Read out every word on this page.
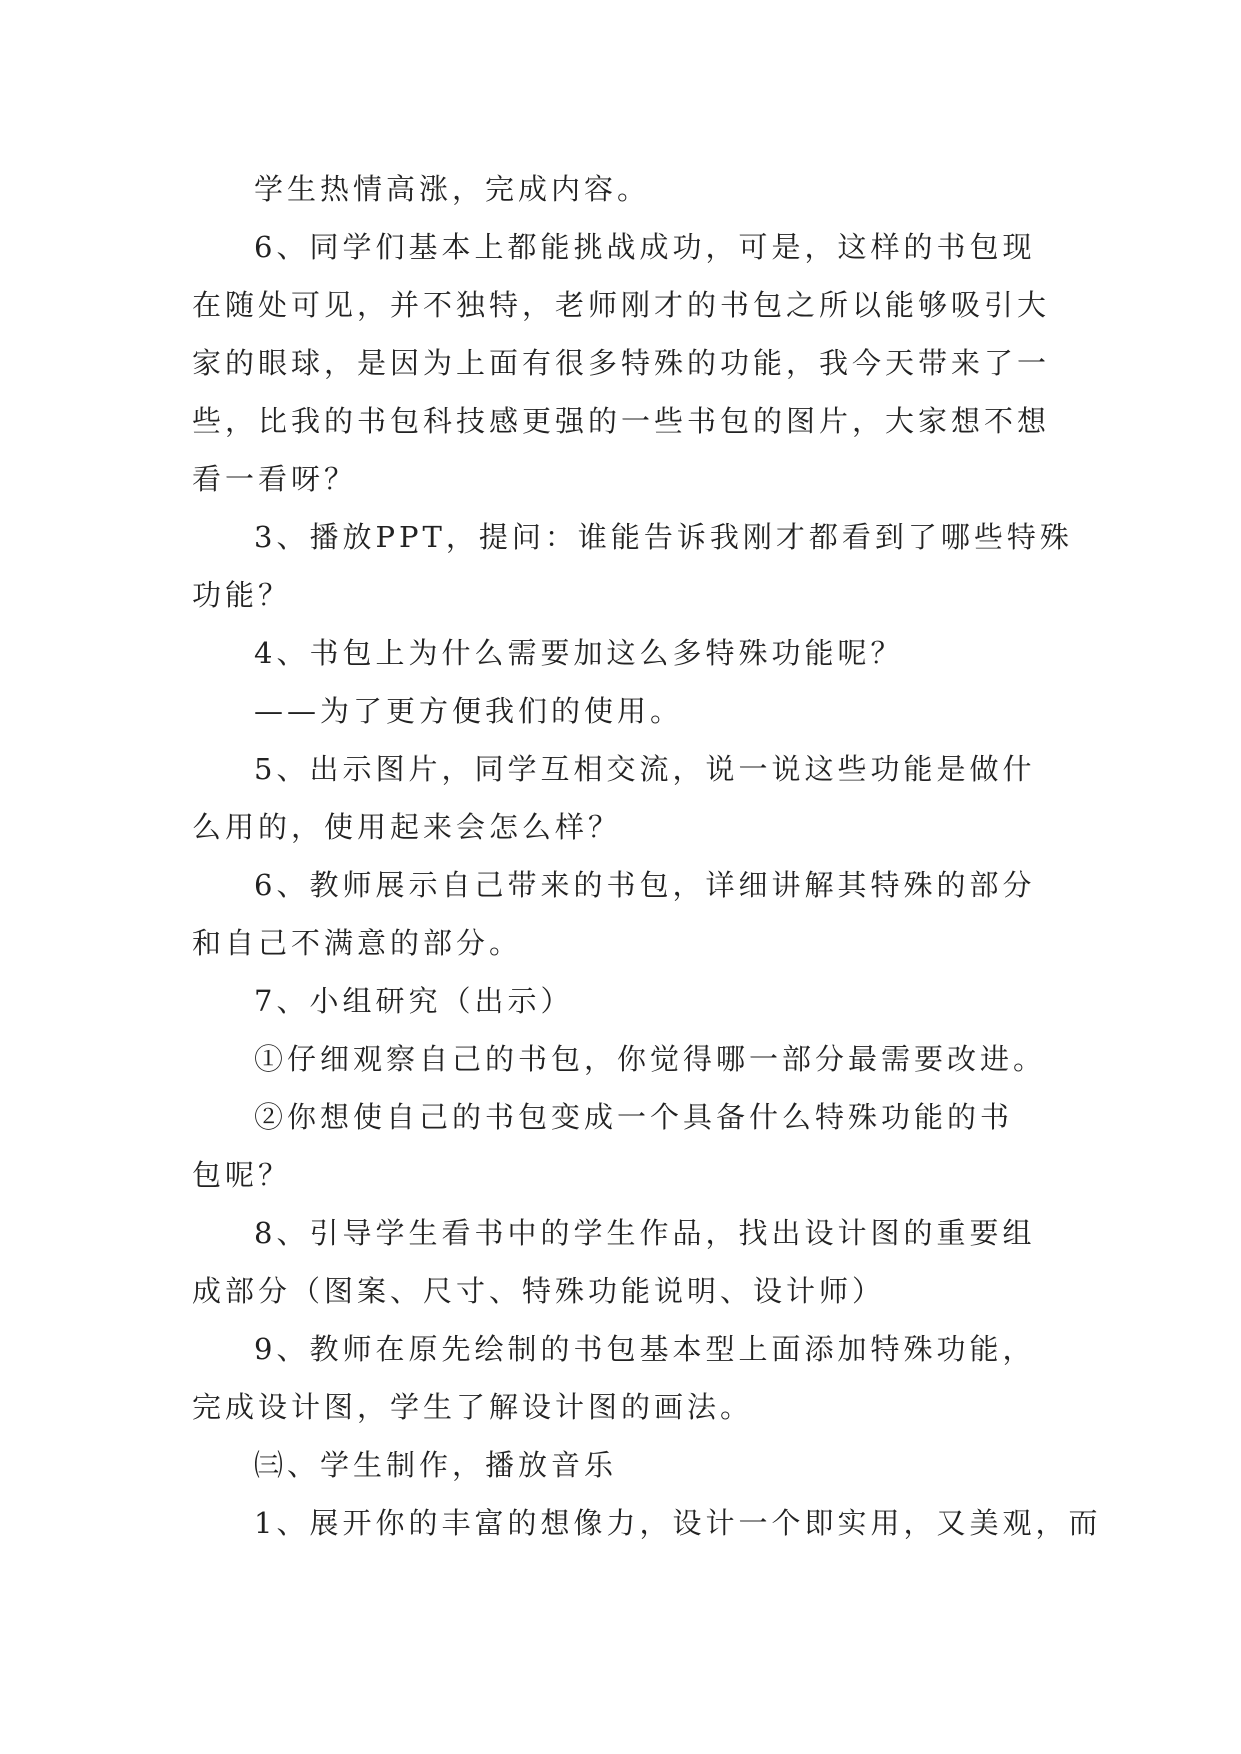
学生热情高涨，完成内容。
6、同学们基本上都能挑战成功，可是，这样的书包现
在随处可见，并不独特，老师刚才的书包之所以能够吸引大
家的眼球，是因为上面有很多特殊的功能，我今天带来了一
些，比我的书包科技感更强的一些书包的图片，大家想不想
看一看呀？
3、播放PPT，提问：谁能告诉我刚才都看到了哪些特殊
功能？
4、书包上为什么需要加这么多特殊功能呢？
——为了更方便我们的使用。
5、出示图片，同学互相交流，说一说这些功能是做什
么用的，使用起来会怎么样？
6、教师展示自己带来的书包，详细讲解其特殊的部分
和自己不满意的部分。
7、小组研究（出示）
①仔细观察自己的书包，你觉得哪一部分最需要改进。
②你想使自己的书包变成一个具备什么特殊功能的书
包呢？
8、引导学生看书中的学生作品，找出设计图的重要组
成部分（图案、尺寸、特殊功能说明、设计师）
9、教师在原先绘制的书包基本型上面添加特殊功能，
完成设计图，学生了解设计图的画法。
㈢、学生制作，播放音乐
1、展开你的丰富的想像力，设计一个即实用，又美观，而
